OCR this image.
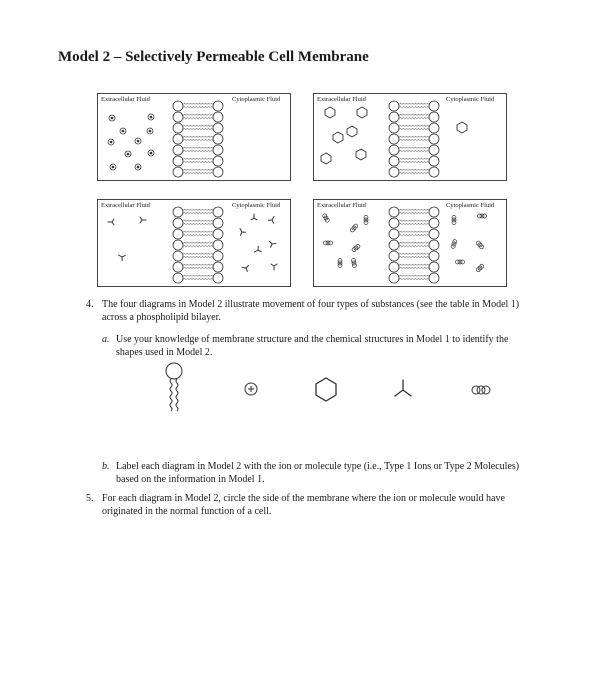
Model 2 – Selectively Permeable Cell Membrane
Extracellular Fluid	Cytoplasmic Fluid	Extracellular Fluid	Cytoplasmic Fluid
Extracellular Fluid	Cytoplasmic Fluid	Extracellular Fluid	Cytoplasmic Fluid
4. The four diagrams in Model 2 illustrate movement of four types of substances (see the table in Model 1) across a phospholipid bilayer.
a. Use your knowledge of membrane structure and the chemical structures in Model 1 to identify the shapes used in Model 2.
b. Label each diagram in Model 2 with the ion or molecule type (i.e., Type 1 Ions or Type 2 Molecules) based on the information in Model 1.
5. For each diagram in Model 2, circle the side of the membrane where the ion or molecule would have originated in the normal function of a cell.
